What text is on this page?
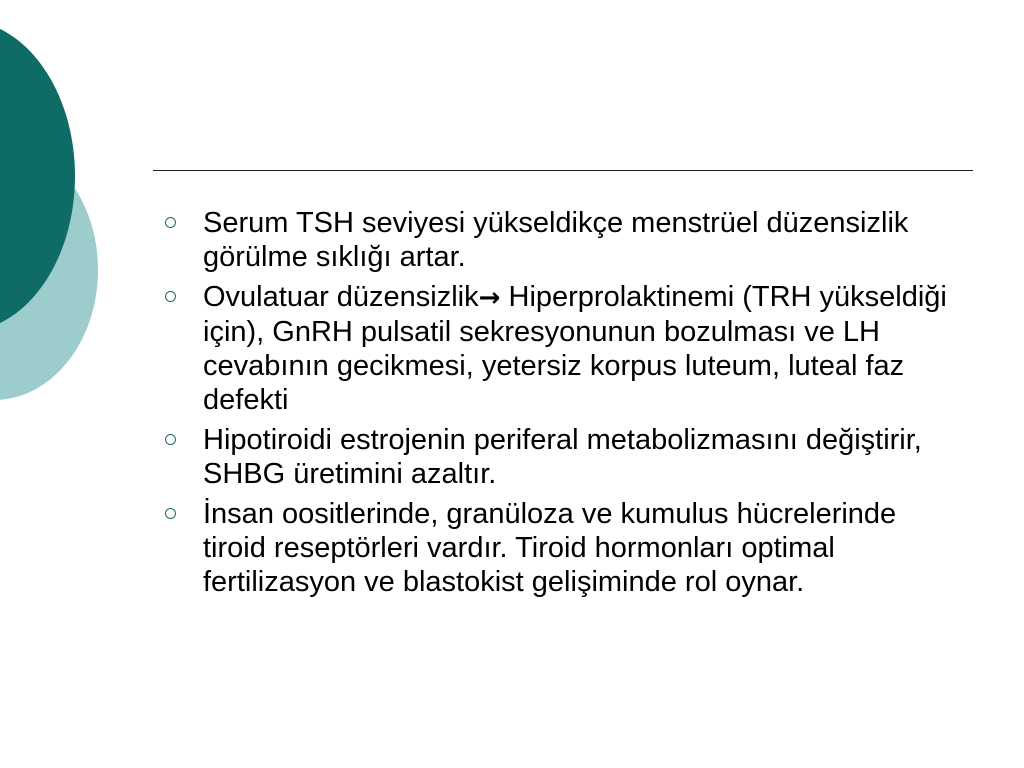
Serum TSH seviyesi yükseldikçe menstrüel düzensizlik görülme sıklığı artar.
Ovulatuar düzensizlik→ Hiperprolaktinemi (TRH yükseldiği için), GnRH pulsatil sekresyonunun bozulması ve LH cevabının gecikmesi, yetersiz korpus luteum, luteal faz defekti
Hipotiroidi estrojenin periferal metabolizmasını değiştirir, SHBG üretimini azaltır.
İnsan oositlerinde, granüloza ve kumulus hücrelerinde tiroid reseptörleri vardır. Tiroid hormonları optimal fertilizasyon ve blastokist gelişiminde rol oynar.
